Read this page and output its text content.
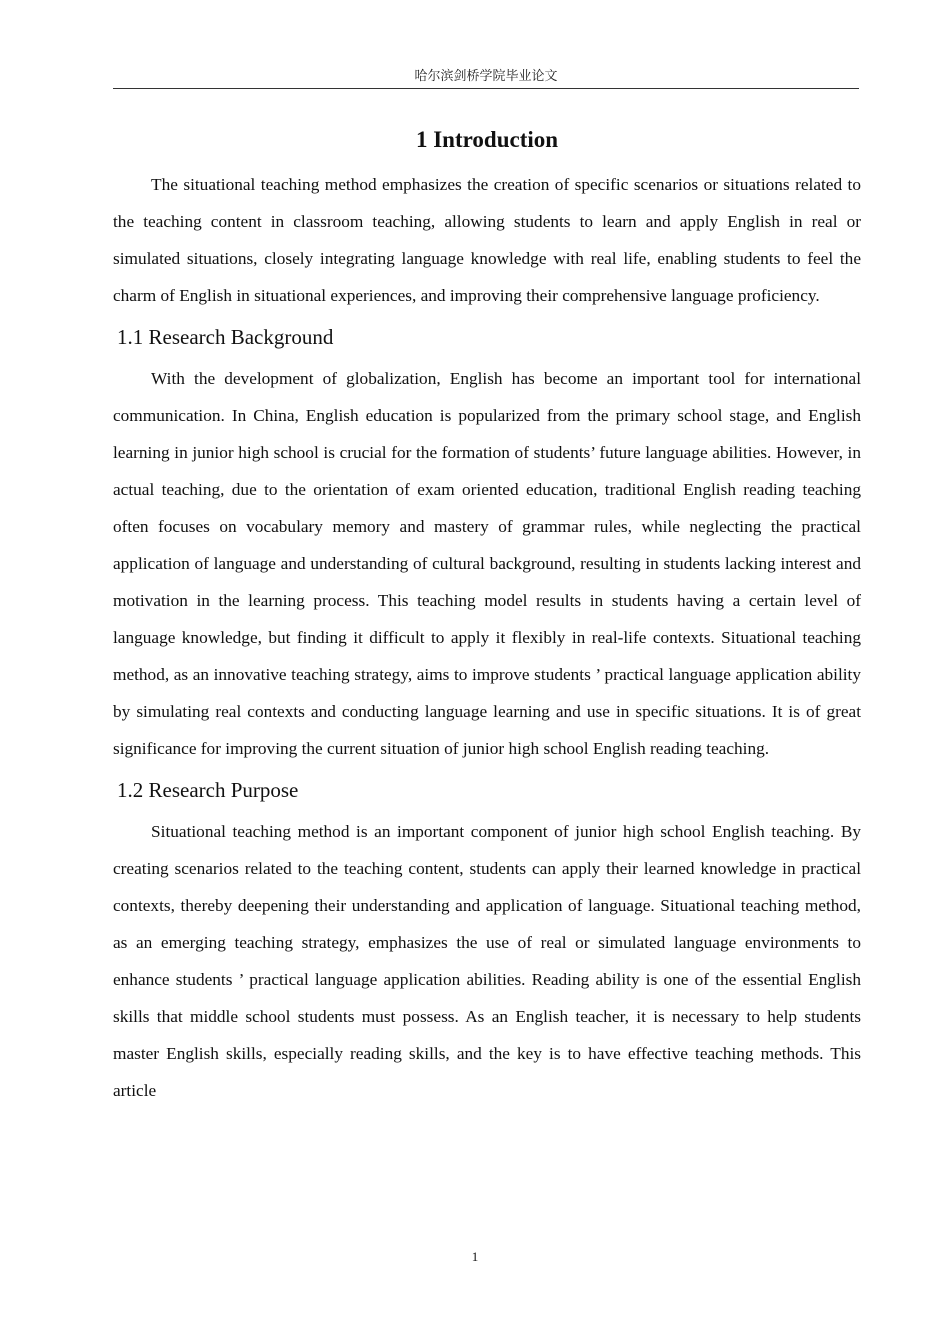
哈尔滨剑桥学院毕业论文
1 Introduction

The situational teaching method emphasizes the creation of specific scenarios or situations related to the teaching content in classroom teaching, allowing students to learn and apply English in real or simulated situations, closely integrating language knowledge with real life, enabling students to feel the charm of English in situational experiences, and improving their comprehensive language proficiency.

1.1 Research Background

With the development of globalization, English has become an important tool for international communication. In China, English education is popularized from the primary school stage, and English learning in junior high school is crucial for the formation of students’ future language abilities. However, in actual teaching, due to the orientation of exam oriented education, traditional English reading teaching often focuses on vocabulary memory and mastery of grammar rules, while neglecting the practical application of language and understanding of cultural background, resulting in students lacking interest and motivation in the learning process. This teaching model results in students having a certain level of language knowledge, but finding it difficult to apply it flexibly in real-life contexts. Situational teaching method, as an innovative teaching strategy, aims to improve students ’ practical language application ability by simulating real contexts and conducting language learning and use in specific situations. It is of great significance for improving the current situation of junior high school English reading teaching.

1.2 Research Purpose

Situational teaching method is an important component of junior high school English teaching. By creating scenarios related to the teaching content, students can apply their learned knowledge in practical contexts, thereby deepening their understanding and application of language. Situational teaching method, as an emerging teaching strategy, emphasizes the use of real or simulated language environments to enhance students ’ practical language application abilities. Reading ability is one of the essential English skills that middle school students must possess. As an English teacher, it is necessary to help students master English skills, especially reading skills, and the key is to have effective teaching methods. This article

1
